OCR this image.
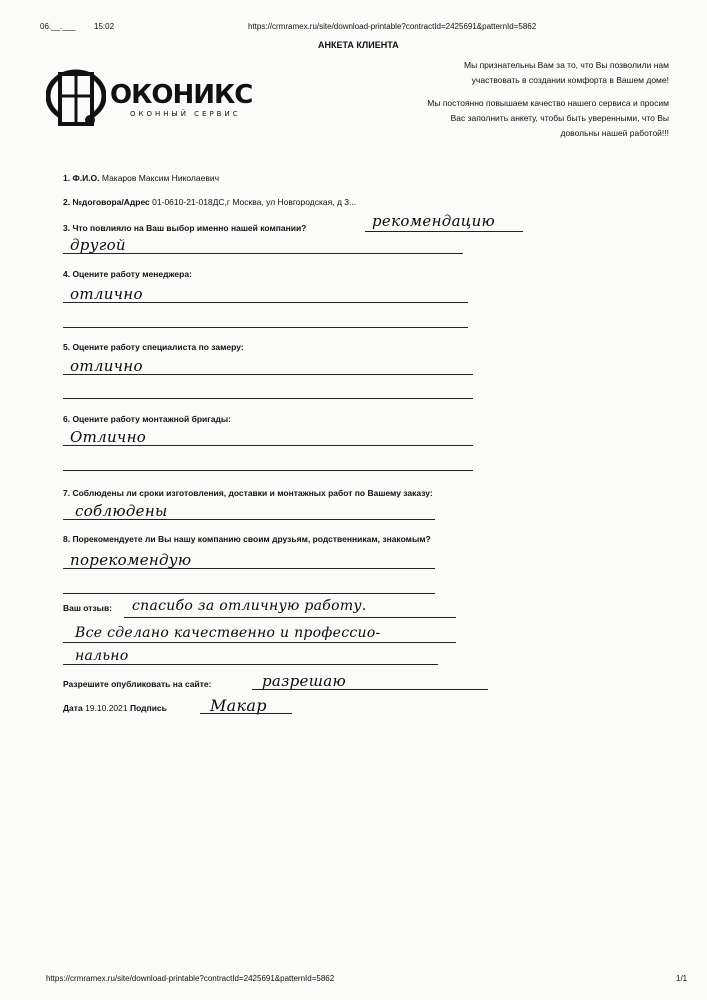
06.__.___ 15:02	https://crmramex.ru/site/download-printable?contractId=2425691&patternId=5862
АНКЕТА КЛИЕНТА
ОКОНИКС
ОКОННЫЙ СЕРВИС
Мы признательны Вам за то, что Вы позволили нам
участвовать в создании комфорта в Вашем доме!
Мы постоянно повышаем качество нашего сервиса и просим
Вас заполнить анкету, чтобы быть уверенными, что Вы
довольны нашей работой!!!
1. Ф.И.О. Макаров Максим Николаевич
2. №договора/Адрес 01-0610-21-018ДС,г Москва, ул Новгородская, д 3...
3. Что повлияло на Ваш выбор именно нашей компании?	рекомендацию
другой
4. Оцените работу менеджера:
отлично
5. Оцените работу специалиста по замеру:
отлично
6. Оцените работу монтажной бригады:
Отлично
7. Соблюдены ли сроки изготовления, доставки и монтажных работ по Вашему заказу:
соблюдены
8. Порекомендуете ли Вы нашу компанию своим друзьям, родственникам, знакомым?
порекомендую
Ваш отзыв: спасибо за отличную работу.
Все сделано качественно и профессио-
нально
Разрешите опубликовать на сайте:	разрешаю
Дата 19.10.2021 Подпись	Макар
https://crmramex.ru/site/download-printable?contractId=2425691&patternId=5862	1/1
